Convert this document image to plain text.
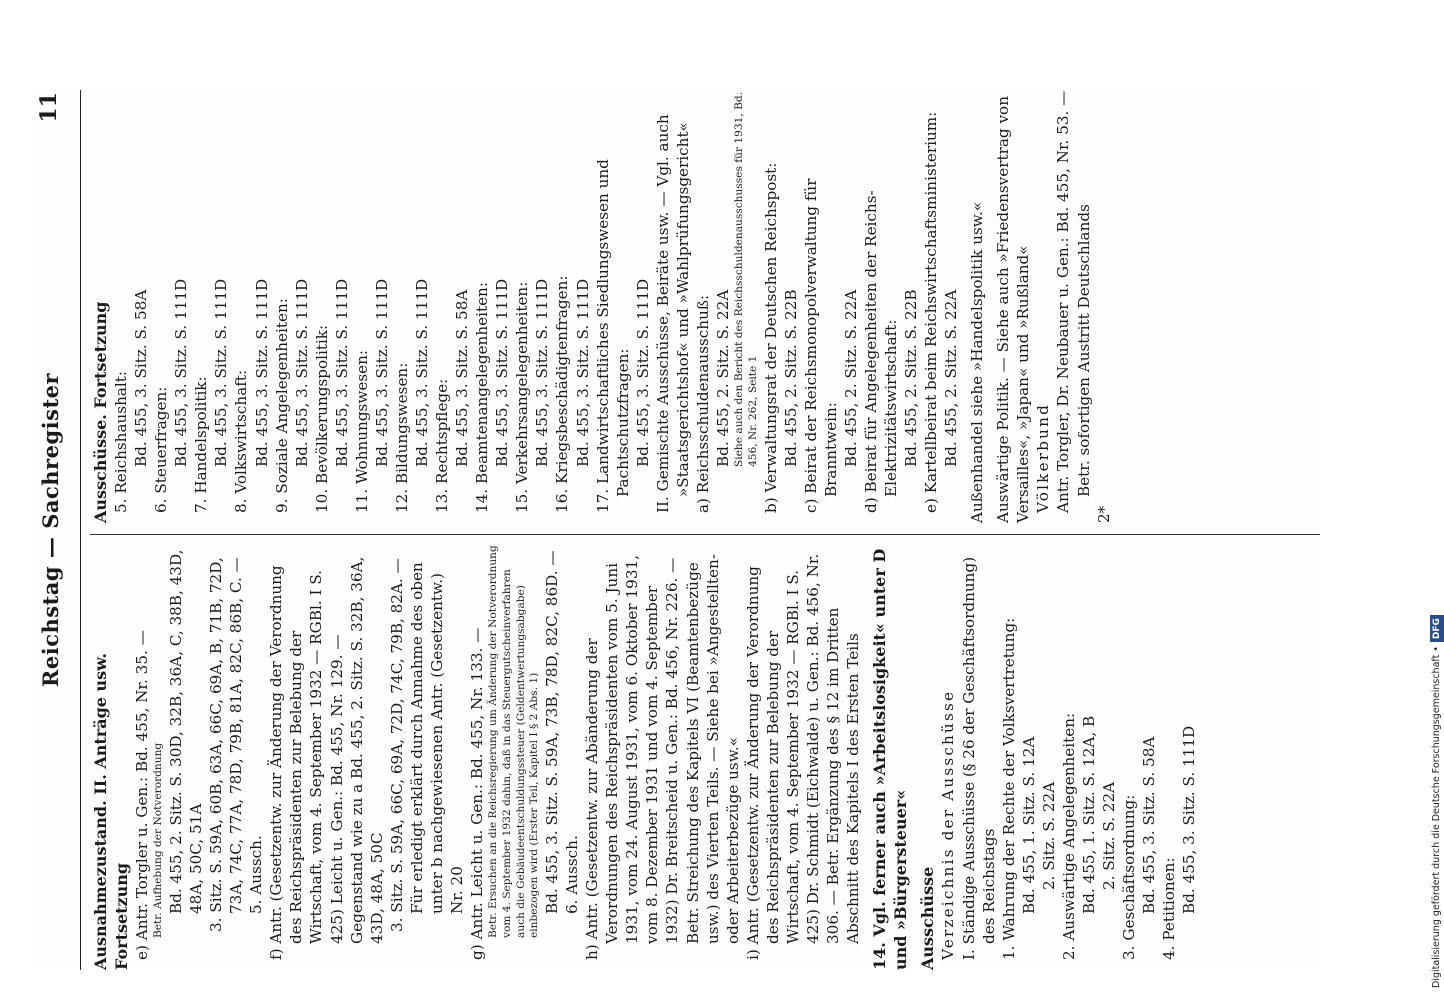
Reichstag — Sachregister
11
Ausnahmezustand. II. Anträge usw. Fortsetzung e) Antr. Torgler u. Gen.: Bd. 455, Nr. 35. — Betr. Aufhebung der Notverordnung Bd. 455, 2. Sitz. S. 30D, 32B, 36A, C, 38B, 43D, 48A, 50C, 51A 3. Sitz. S. 59A, 60B, 63A, 66C, 69A, B, 71B, 72D, 73A, 74C, 77A, 78D, 79B, 81A, 82C, 86B, C. — 5. Aussch. f) Antr. (Gesetzentw. zur Änderung der Verordnung des Reichspräsidenten zur Belebung der Wirtschaft, vom 4. September 1932 — RGBl. I S. 425) Leicht u. Gen.: Bd. 455, Nr. 129. — Gegenstand wie zu a Bd. 455, 2. Sitz. S. 32B, 36A, 43D, 48A, 50C 3. Sitz. S. 59A, 66C, 69A, 72D, 74C, 79B, 82A. — Für erledigt erklärt durch Annahme des oben unter b nachgewiesenen Antr. (Gesetzentw.) Nr. 20 g) Antr. Leicht u. Gen.: Bd. 455, Nr. 133. — Betr. Ersuchen an die Reichsregierung um Änderung der Notverordnung vom 4. September 1932 dahin, daß in das Steuergutscheinverfahren auch die Gebäudeentschuldungssteuer (Geldentwertungsabgabe) einbezogen wird (Erster Teil, Kapitel I § 2 Abs. 1) Bd. 455, 3. Sitz. S. 59A, 73B, 78D, 82C, 86D. — 6. Aussch. h) Antr. (Gesetzentw. zur Abänderung der Verordnungen des Reichspräsidenten vom 5. Juni 1931, vom 24. August 1931, vom 6. Oktober 1931, vom 8. Dezember 1931 und vom 4. September 1932) Dr. Breitscheid u. Gen.: Bd. 456, Nr. 226. — Betr. Streichung des Kapitels VI (Beamtenbezüge usw.) des Vierten Teils. — Siehe bei »Angestellten- oder Arbeiterbezüge usw.« i) Antr. (Gesetzentw. zur Änderung der Verordnung des Reichspräsidenten zur Belebung der Wirtschaft, vom 4. September 1932 — RGBl. I S. 425) Dr. Schmidt (Eichwalde) u. Gen.: Bd. 456, Nr. 306. — Betr. Ergänzung des § 12 im Dritten Abschnitt des Kapitels I des Ersten Teils 14. Vgl. ferner auch »Arbeitslosigkeit« unter D und »Bürgersteuer« Ausschüsse Verzeichnis der Ausschüsse I. Ständige Ausschüsse (§ 26 der Geschäftsordnung) des Reichstags 1. Wahrung der Rechte der Volksvertretung: Bd. 455, 1. Sitz. S. 12A 2. Sitz. S. 22A 2. Auswärtige Angelegenheiten: Bd. 455, 1. Sitz. S. 12A, B 2. Sitz. S. 22A 3. Geschäftsordnung: Bd. 455, 3. Sitz. S. 58A 4. Petitionen: Bd. 455, 3. Sitz. S. 111D
Ausschüsse. Fortsetzung 5. Reichshaushalt: Bd. 455, 3. Sitz. S. 58A 6. Steuerfragen: Bd. 455, 3. Sitz. S. 111D 7. Handelspolitik: Bd. 455, 3. Sitz. S. 111D 8. Volkswirtschaft: Bd. 455, 3. Sitz. S. 111D 9. Soziale Angelegenheiten: Bd. 455, 3. Sitz. S. 111D 10. Bevölkerungspolitik: Bd. 455, 3. Sitz. S. 111D 11. Wohnungswesen: Bd. 455, 3. Sitz. S. 111D 12. Bildungswesen: Bd. 455, 3. Sitz. S. 111D 13. Rechtspflege: Bd. 455, 3. Sitz. S. 58A 14. Beamtenangelegenheiten: Bd. 455, 3. Sitz. S. 111D 15. Verkehrsangelegenheiten: Bd. 455, 3. Sitz. S. 111D 16. Kriegsbeschädigtenfragen: Bd. 455, 3. Sitz. S. 111D 17. Landwirtschaftliches Siedlungswesen und Pachtschutzfragen: Bd. 455, 3. Sitz. S. 111D II. Gemischte Ausschüsse, Beiräte usw. — Vgl. auch »Staatsgerichtshof« und »Wahlprüfungsgericht« a) Reichsschuldenausschuß: Bd. 455, 2. Sitz. S. 22A Siehe auch den Bericht des Reichsschuldenausschusses für 1931, Bd. 456, Nr. 262, Seite 1 b) Verwaltungsrat der Deutschen Reichspost: Bd. 455, 2. Sitz. S. 22B c) Beirat der Reichsmonopolverwaltung für Branntwein: Bd. 455, 2. Sitz. S. 22A d) Beirat für Angelegenheiten der Reichs-Elektrizitätswirtschaft: Bd. 455, 2. Sitz. S. 22B e) Kartellbeirat beim Reichswirtschaftsministerium: Bd. 455, 2. Sitz. S. 22A Außenhandel siehe »Handelspolitik usw.« Auswärtige Politik. — Siehe auch »Friedensvertrag von Versailles«, »Japan« und »Rußland« Völkerbund Antr. Torgler, Dr. Neubauer u. Gen.: Bd. 455, Nr. 53. — Betr. sofortigen Austritt Deutschlands
2*
Digitalisierung gefördert durch die Deutsche Forschungsgemeinschaft •DFG
